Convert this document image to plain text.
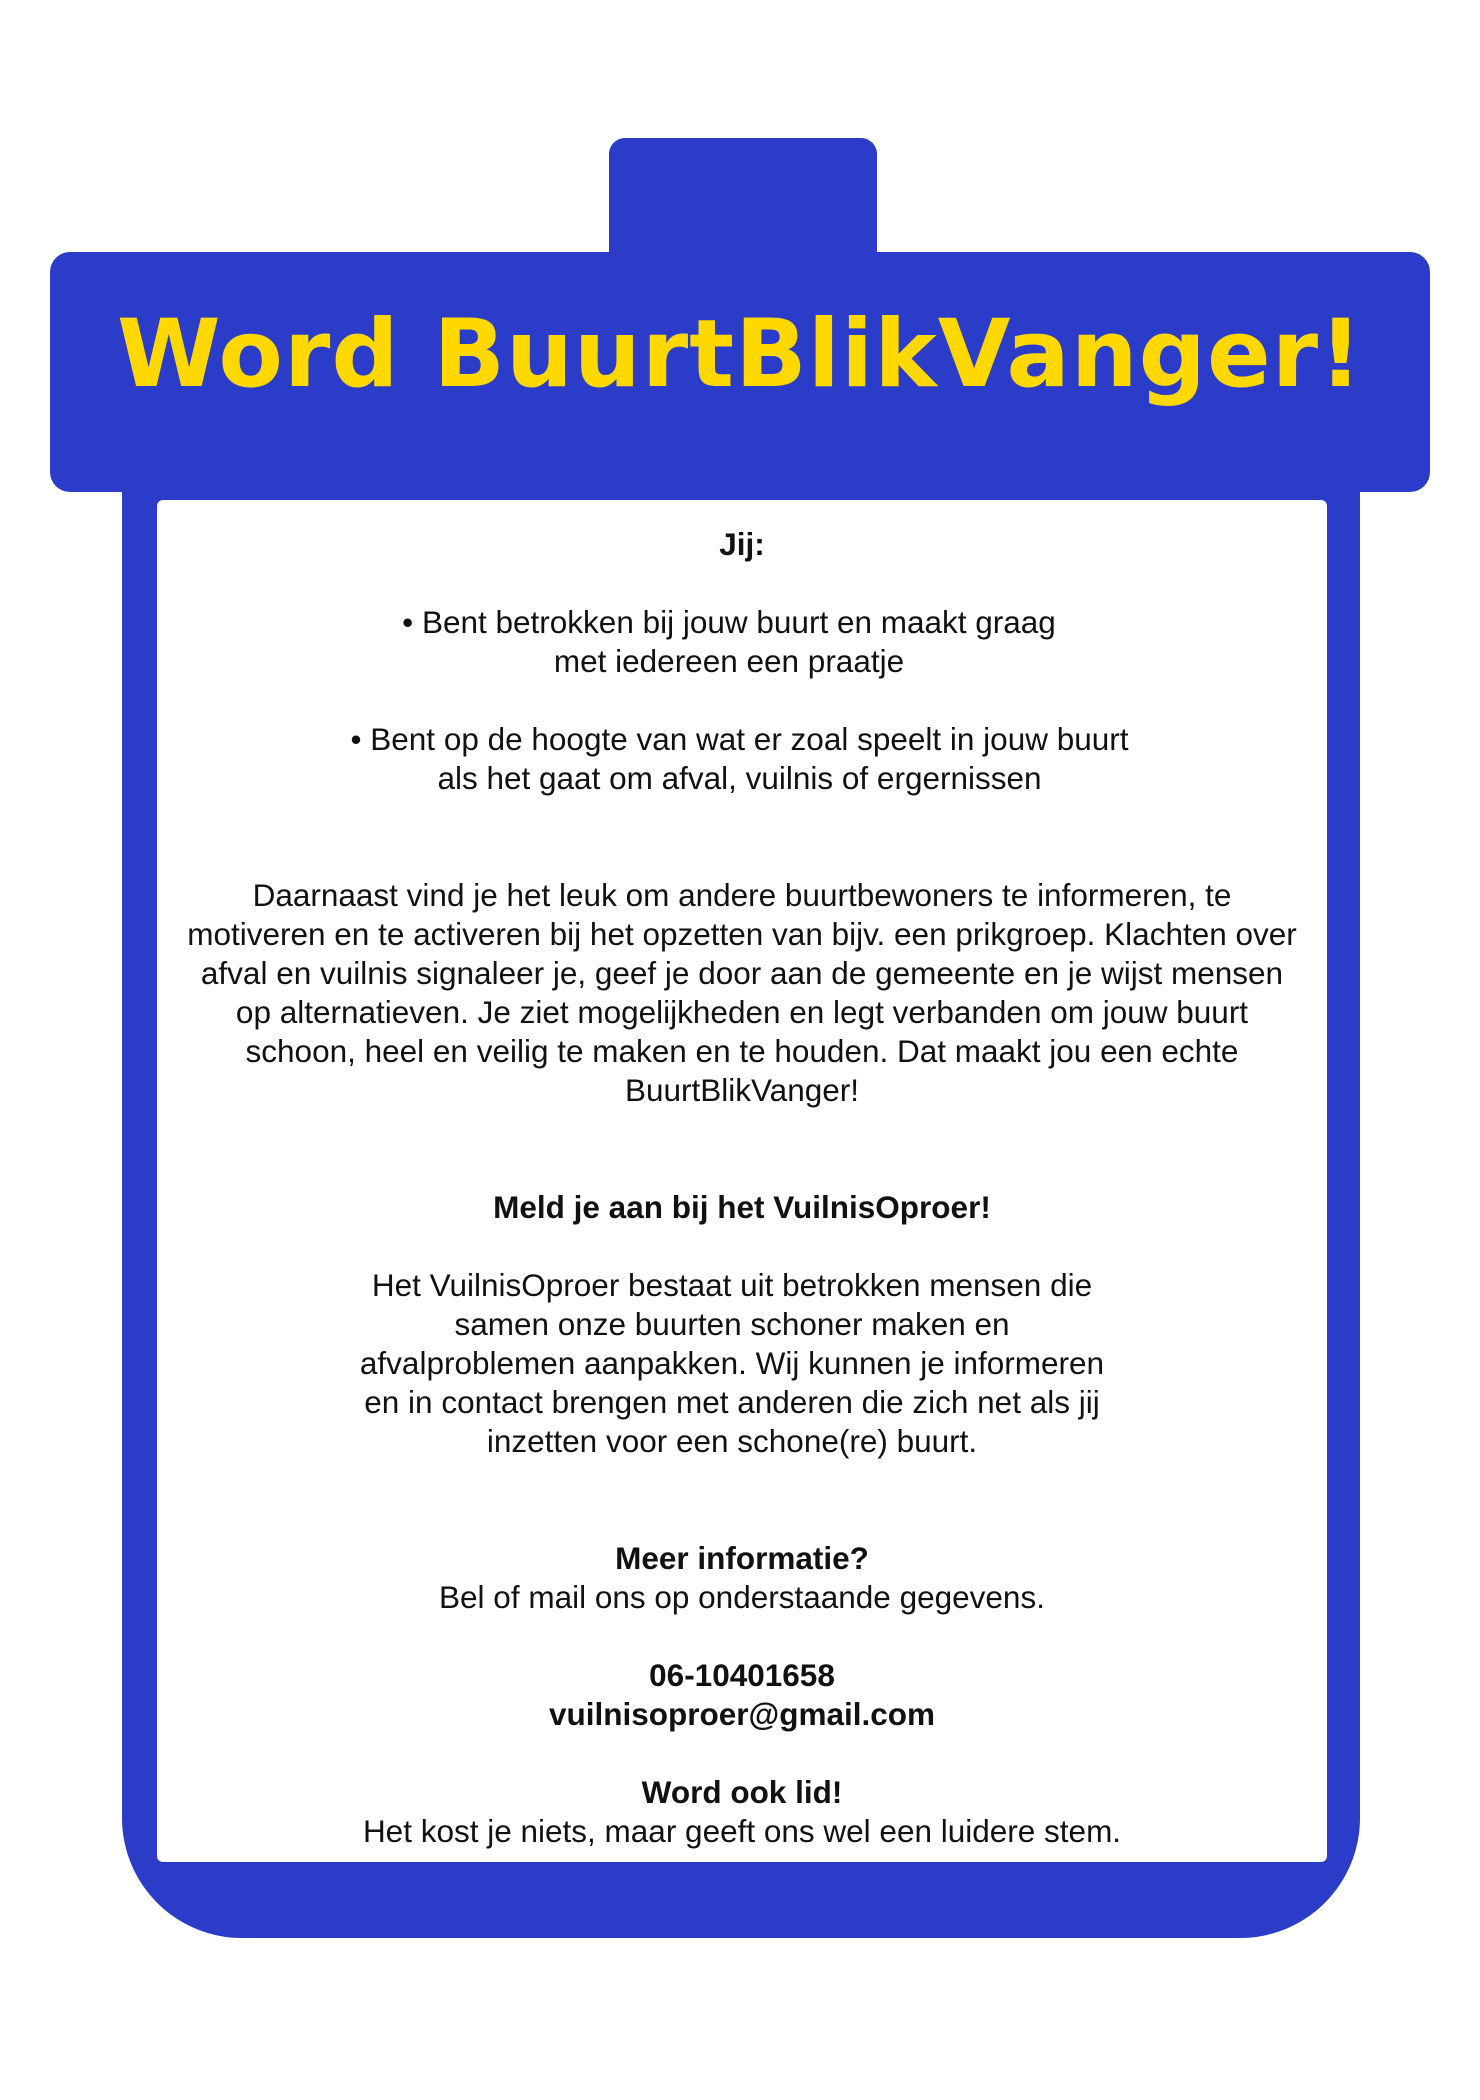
Word BuurtBlikVanger!

Jij:

• Bent betrokken bij jouw buurt en maakt graag met iedereen een praatje

• Bent op de hoogte van wat er zoal speelt in jouw buurt als het gaat om afval, vuilnis of ergernissen

Daarnaast vind je het leuk om andere buurtbewoners te informeren, te motiveren en te activeren bij het opzetten van bijv. een prikgroep. Klachten over afval en vuilnis signaleer je, geef je door aan de gemeente en je wijst mensen op alternatieven. Je ziet mogelijkheden en legt verbanden om jouw buurt schoon, heel en veilig te maken en te houden. Dat maakt jou een echte BuurtBlikVanger!

Meld je aan bij het VuilnisOproer!

Het VuilnisOproer bestaat uit betrokken mensen die samen onze buurten schoner maken en afvalproblemen aanpakken. Wij kunnen je informeren en in contact brengen met anderen die zich net als jij inzetten voor een schone(re) buurt.

Meer informatie?

Bel of mail ons op onderstaande gegevens.

06-10401658

vuilnisoproer@gmail.com

Word ook lid!

Het kost je niets, maar geeft ons wel een luidere stem.
